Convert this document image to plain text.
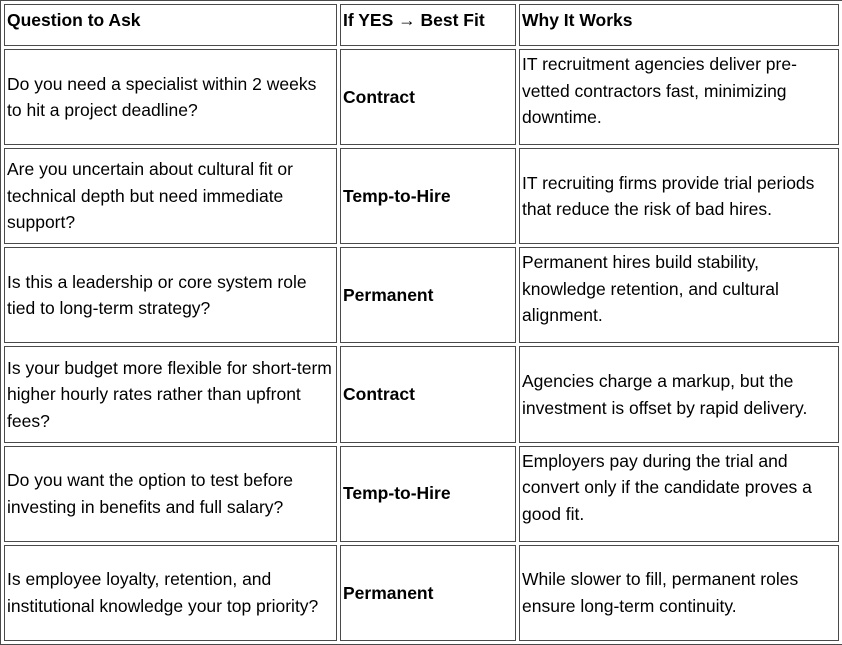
Question to Ask	If YES → Best Fit	Why It Works
Do you need a specialist within 2 weeks to hit a project deadline?	Contract	IT recruitment agencies deliver pre-vetted contractors fast, minimizing downtime.
Are you uncertain about cultural fit or technical depth but need immediate support?	Temp-to-Hire	IT recruiting firms provide trial periods that reduce the risk of bad hires.
Is this a leadership or core system role tied to long-term strategy?	Permanent	Permanent hires build stability, knowledge retention, and cultural alignment.
Is your budget more flexible for short-term higher hourly rates rather than upfront fees?	Contract	Agencies charge a markup, but the investment is offset by rapid delivery.
Do you want the option to test before investing in benefits and full salary?	Temp-to-Hire	Employers pay during the trial and convert only if the candidate proves a good fit.
Is employee loyalty, retention, and institutional knowledge your top priority?	Permanent	While slower to fill, permanent roles ensure long-term continuity.
